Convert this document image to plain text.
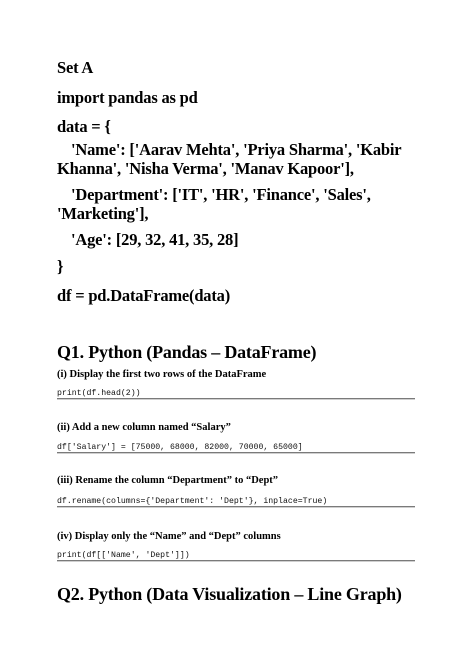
Set A
import pandas as pd
data = {
'Name': ['Aarav Mehta', 'Priya Sharma', 'Kabir
Khanna', 'Nisha Verma', 'Manav Kapoor'],
'Department': ['IT', 'HR', 'Finance', 'Sales',
'Marketing'],
'Age': [29, 32, 41, 35, 28]
}
df = pd.DataFrame(data)
Q1. Python (Pandas – DataFrame)
(i) Display the first two rows of the DataFrame
print(df.head(2))
(ii) Add a new column named “Salary”
df['Salary'] = [75000, 68000, 82000, 70000, 65000]
(iii) Rename the column “Department” to “Dept”
df.rename(columns={'Department': 'Dept'}, inplace=True)
(iv) Display only the “Name” and “Dept” columns
print(df[['Name', 'Dept']])
Q2. Python (Data Visualization – Line Graph)
